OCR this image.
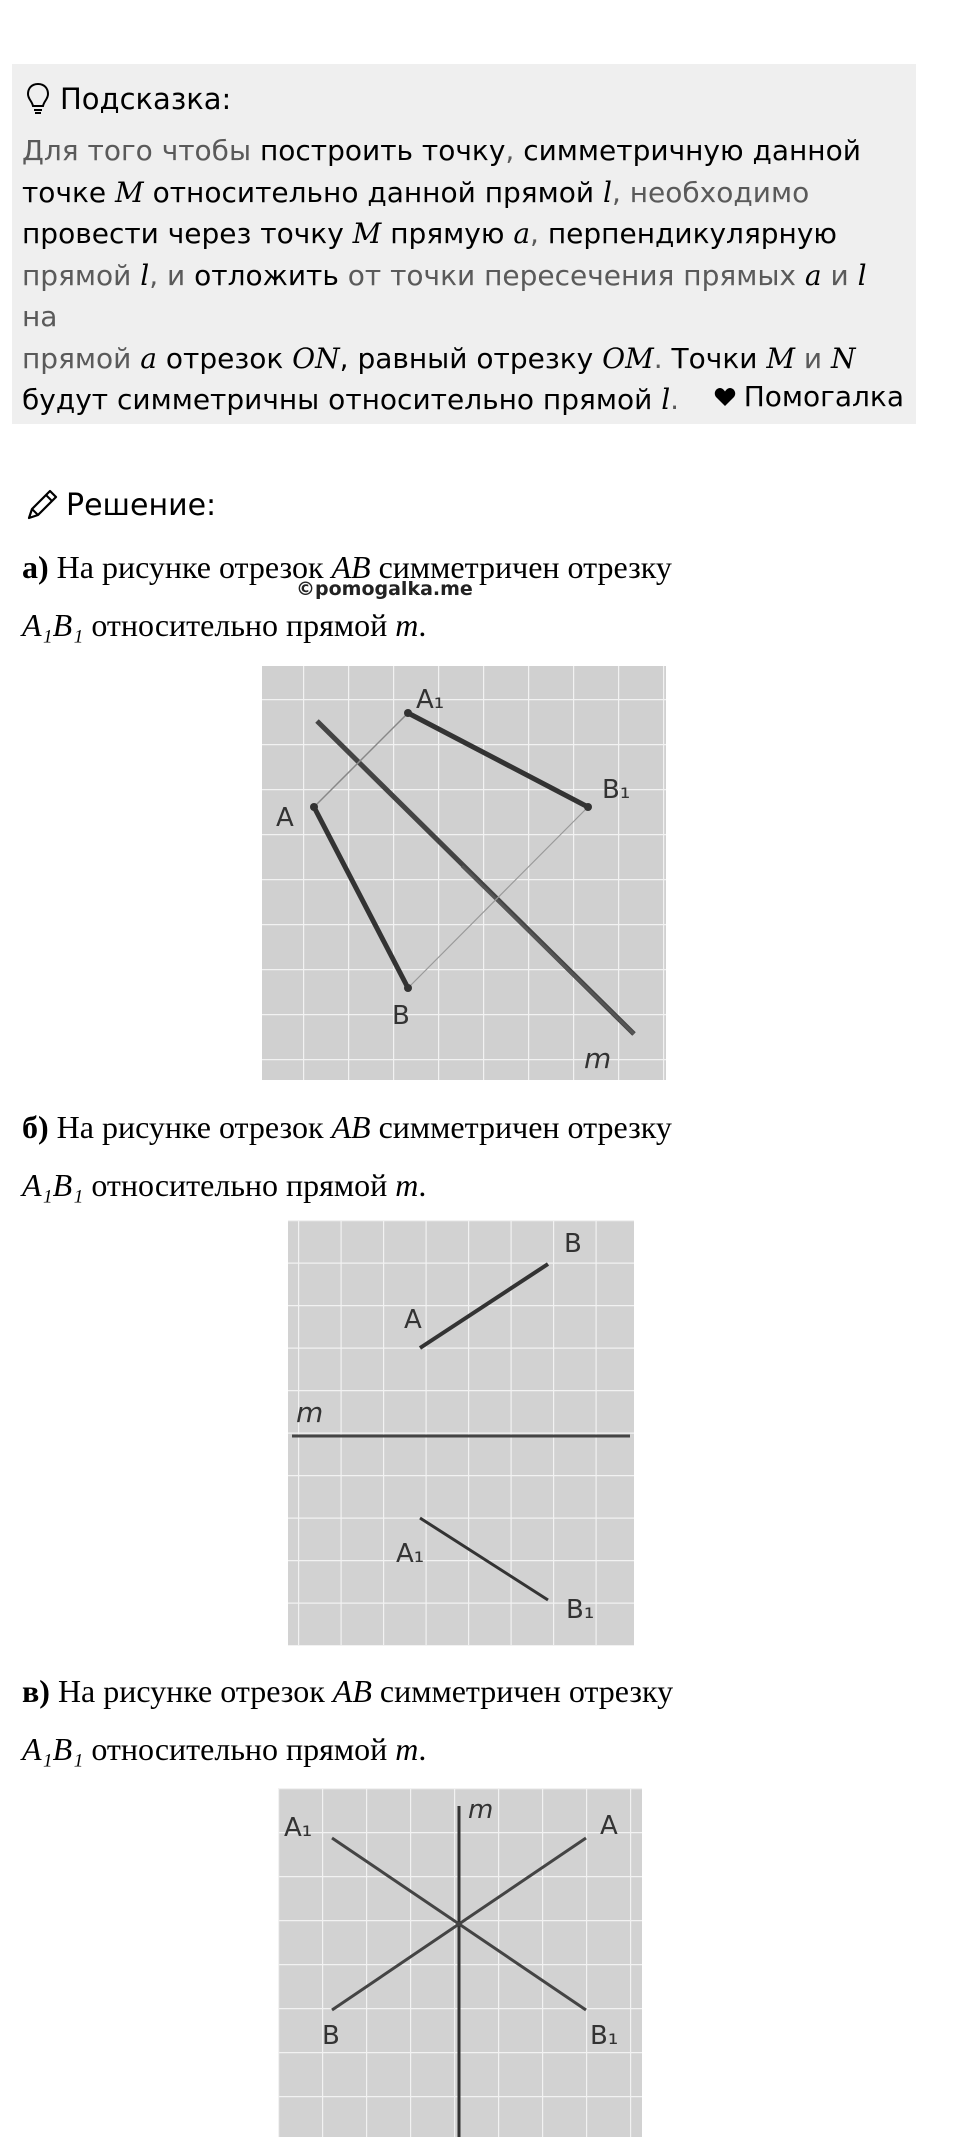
Подсказка:
Для того чтобы построить точку, симметричную данной
точке M относительно данной прямой l, необходимо
провести через точку M прямую a, перпендикулярную
прямой l, и отложить от точки пересечения прямых a и l на
прямой a отрезок ON, равный отрезку OM. Точки M и N
будут симметричны относительно прямой l.	Помогалка
Решение:
а) На рисунке отрезок AB симметричен отрезку
A₁B₁ относительно прямой m.
©pomogalka.me
A₁
B₁
A
B
m
б) На рисунке отрезок AB симметричен отрезку
A₁B₁ относительно прямой m.
B
A
m
A₁
B₁
в) На рисунке отрезок AB симметричен отрезку
A₁B₁ относительно прямой m.
A₁
m
A
B	B₁
